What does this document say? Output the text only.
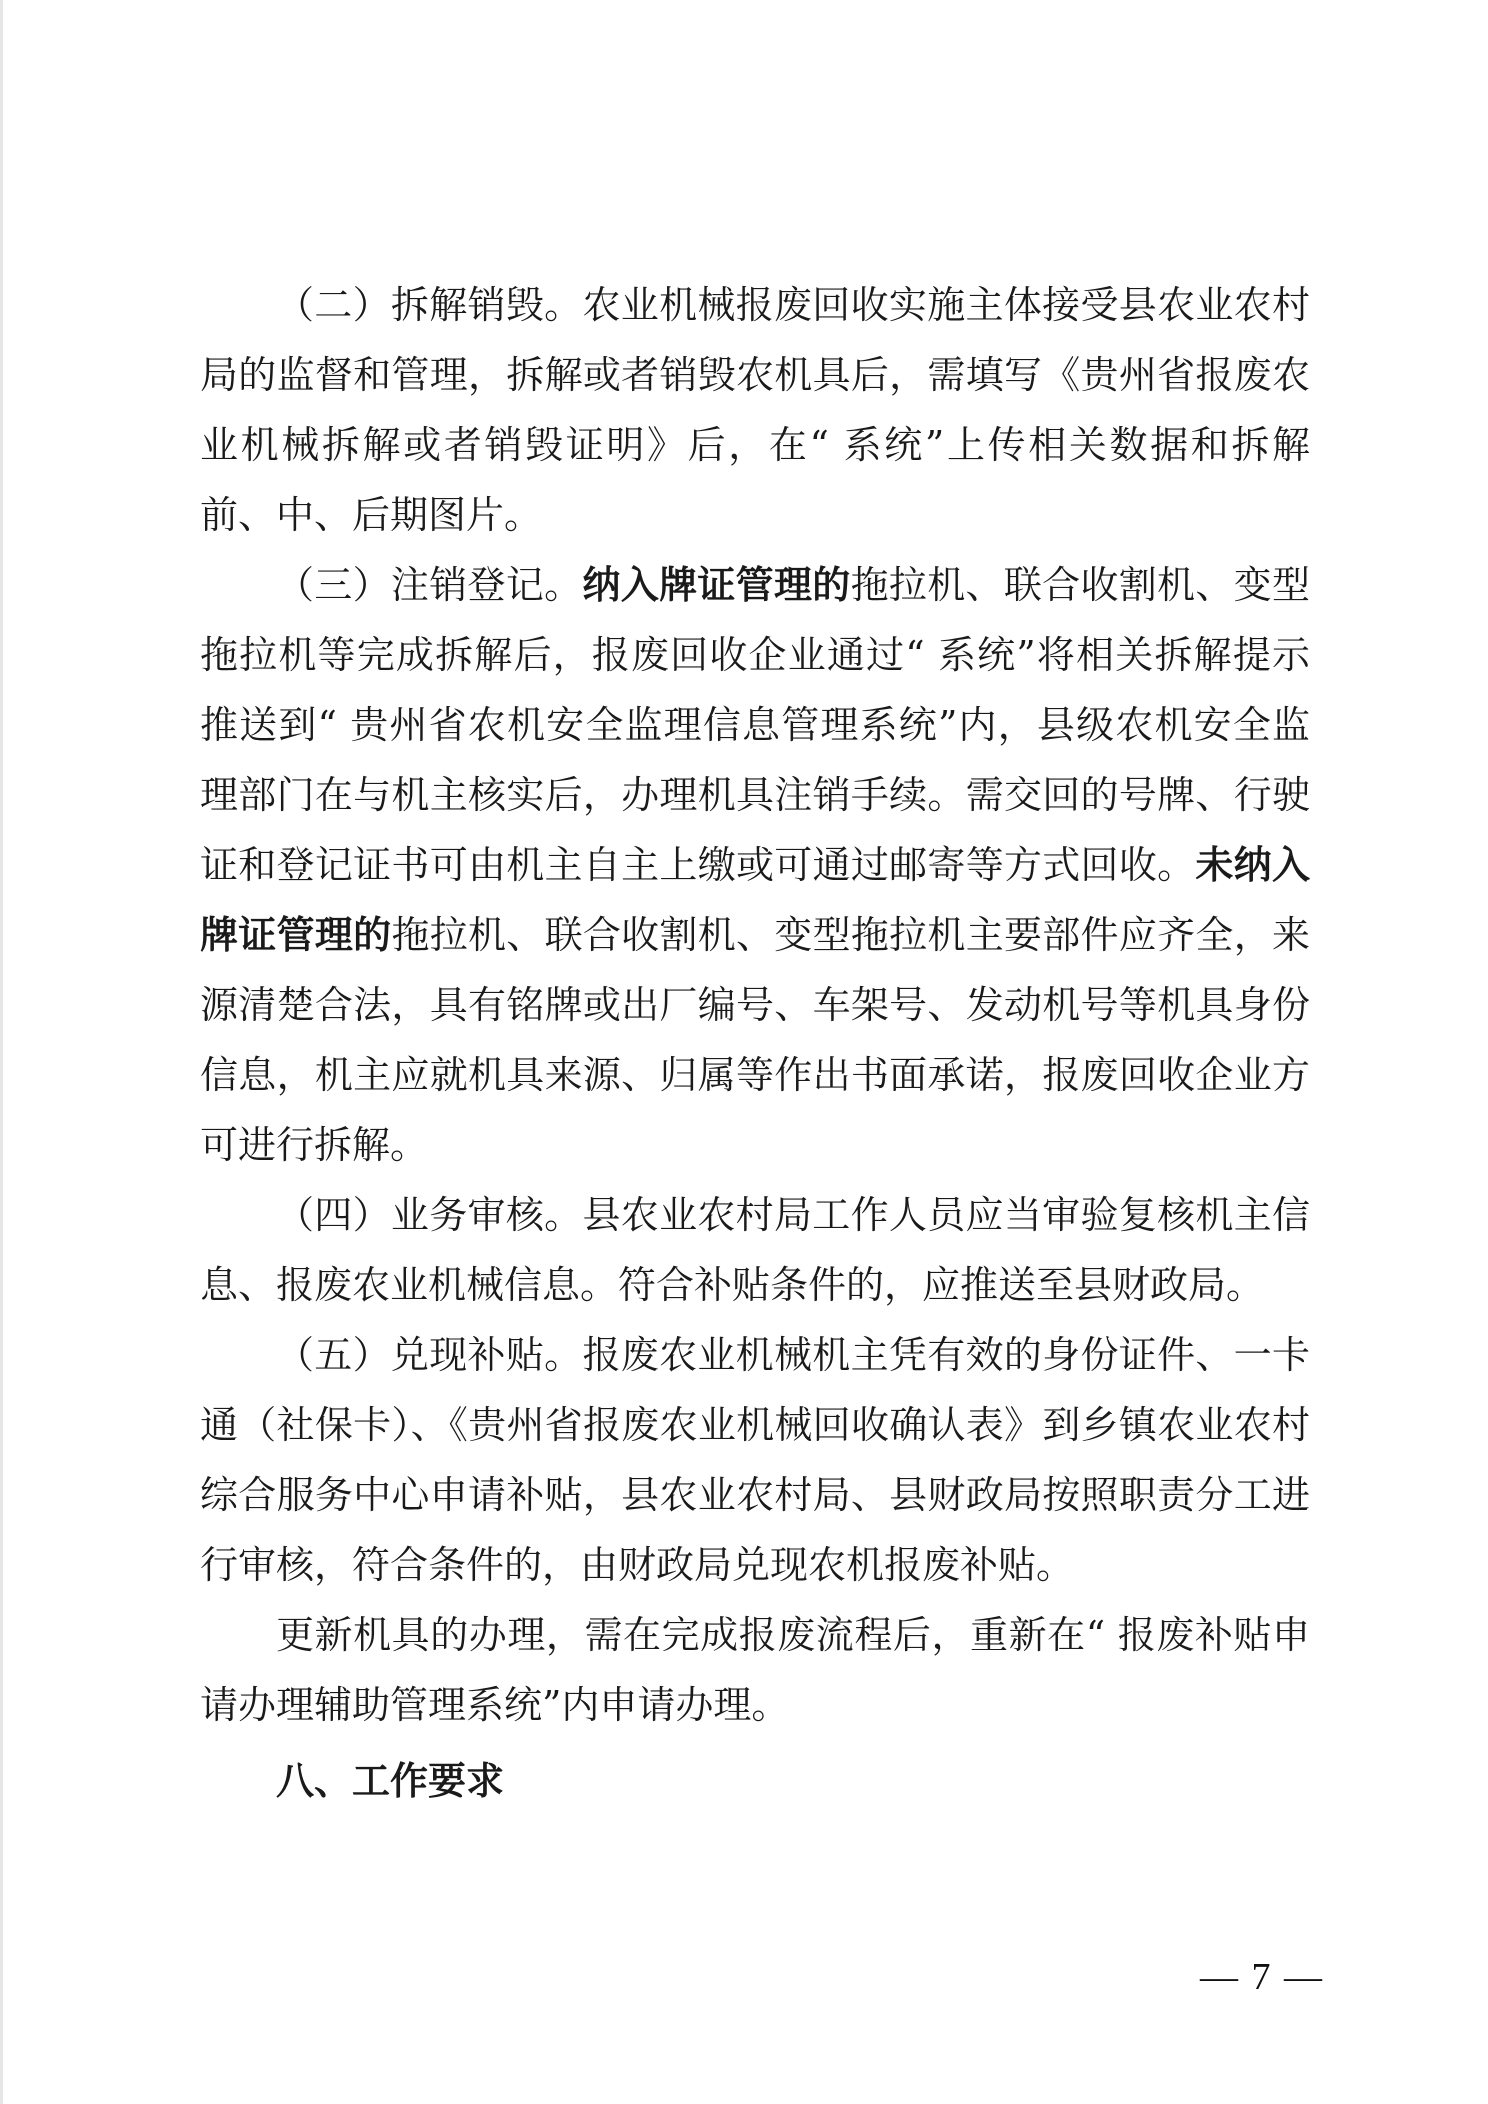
（二）拆解销毁。农业机械报废回收实施主体接受县农业农村局的监督和管理，拆解或者销毁农机具后，需填写《贵州省报废农业机械拆解或者销毁证明》后，在“ 系统”上传相关数据和拆解前、中、后期图片。

（三）注销登记。纳入牌证管理的拖拉机、联合收割机、变型拖拉机等完成拆解后，报废回收企业通过“ 系统”将相关拆解提示推送到“ 贵州省农机安全监理信息管理系统”内，县级农机安全监理部门在与机主核实后，办理机具注销手续。需交回的号牌、行驶证和登记证书可由机主自主上缴或可通过邮寄等方式回收。未纳入牌证管理的拖拉机、联合收割机、变型拖拉机主要部件应齐全，来源清楚合法，具有铭牌或出厂编号、车架号、发动机号等机具身份信息，机主应就机具来源、归属等作出书面承诺，报废回收企业方可进行拆解。

（四）业务审核。县农业农村局工作人员应当审验复核机主信息、报废农业机械信息。符合补贴条件的，应推送至县财政局。

（五）兑现补贴。报废农业机械机主凭有效的身份证件、一卡通（社保卡）、《贵州省报废农业机械回收确认表》到乡镇农业农村综合服务中心申请补贴，县农业农村局、县财政局按照职责分工进行审核，符合条件的，由财政局兑现农机报废补贴。

更新机具的办理，需在完成报废流程后，重新在“ 报废补贴申请办理辅助管理系统”内申请办理。

八、工作要求

— 7 —
